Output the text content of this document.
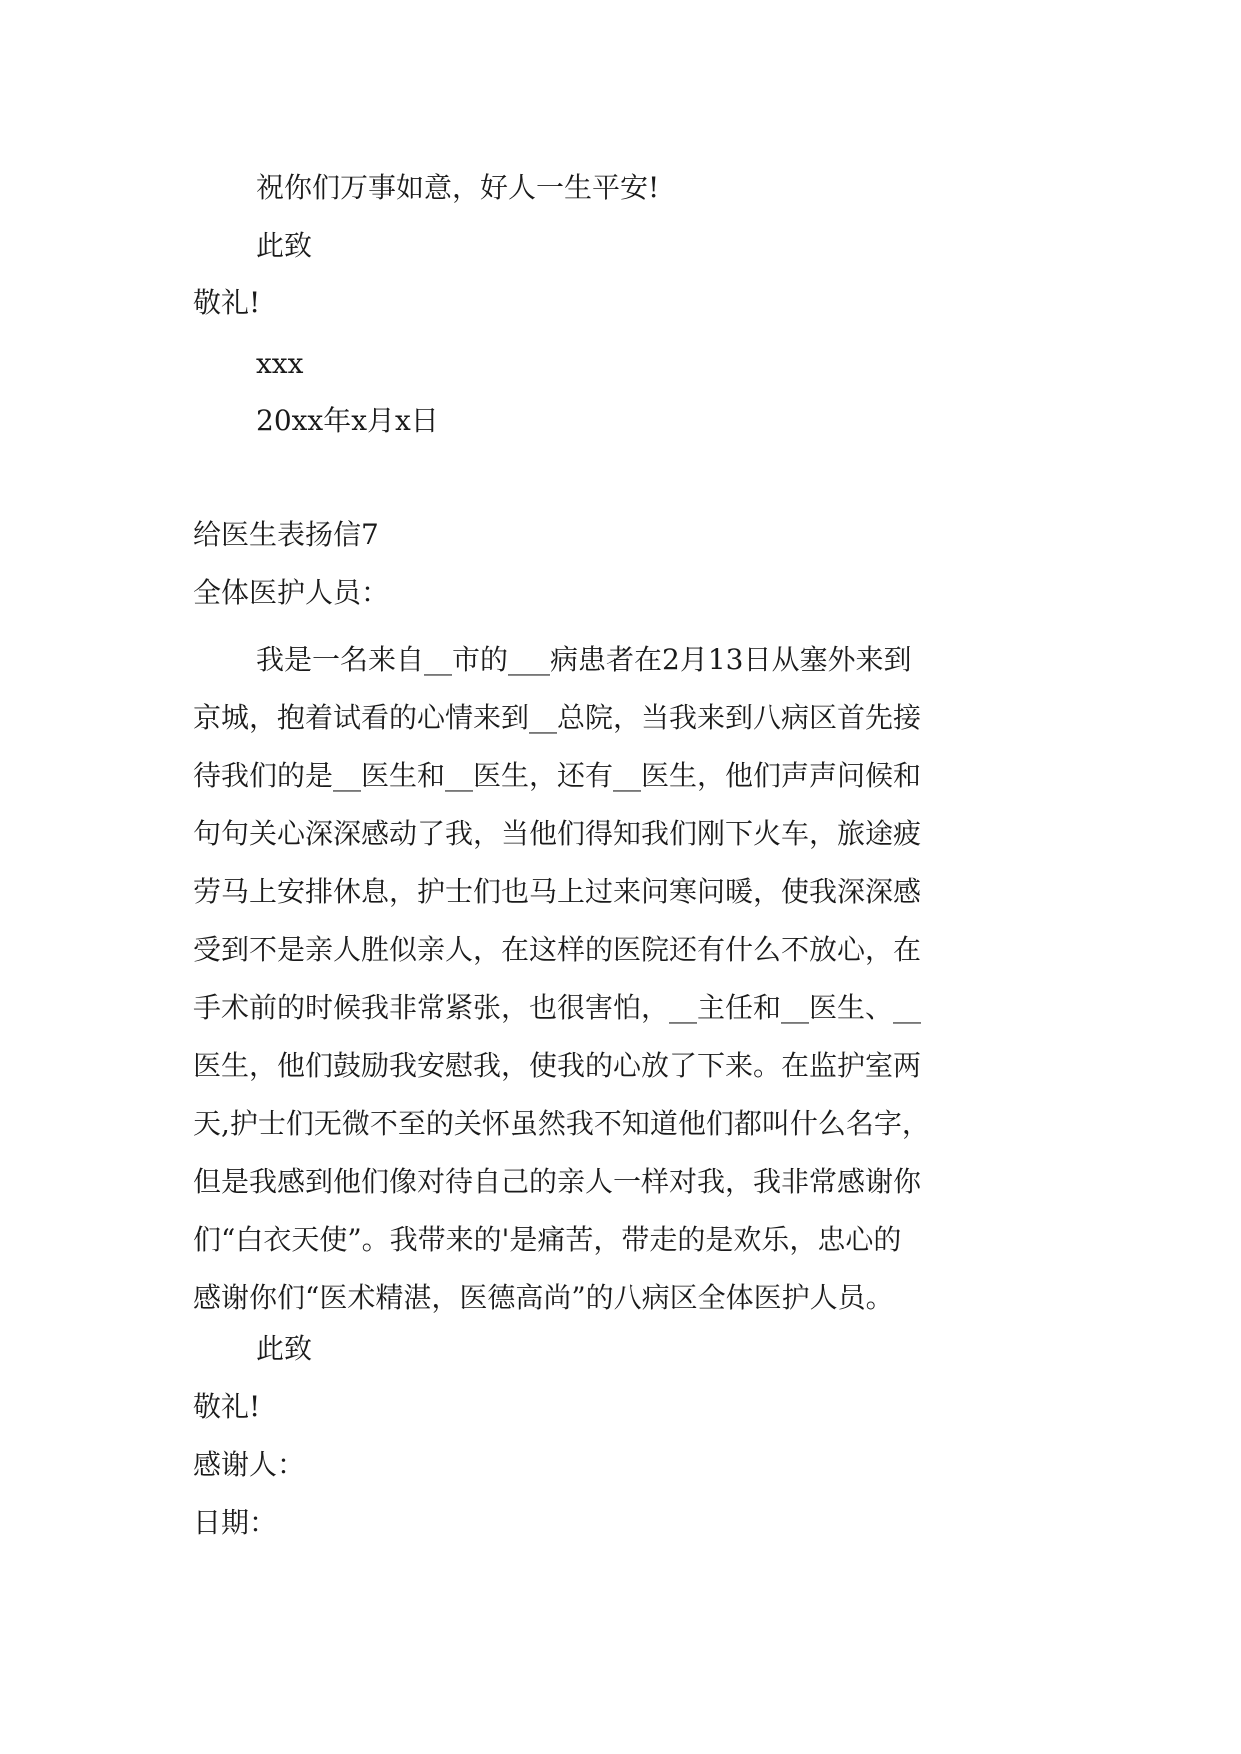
祝你们万事如意，好人一生平安!
此致
敬礼!
xxx
20xx年x月x日
给医生表扬信7
全体医护人员：
我是一名来自__市的___病患者在2月13日从塞外来到
京城，抱着试看的心情来到__总院，当我来到八病区首先接
待我们的是__医生和__医生，还有__医生，他们声声问候和
句句关心深深感动了我，当他们得知我们刚下火车，旅途疲
劳马上安排休息，护士们也马上过来问寒问暖，使我深深感
受到不是亲人胜似亲人，在这样的医院还有什么不放心，在
手术前的时候我非常紧张，也很害怕，__主任和__医生、__
医生，他们鼓励我安慰我，使我的心放了下来。在监护室两
天,护士们无微不至的关怀虽然我不知道他们都叫什么名字，
但是我感到他们像对待自己的亲人一样对我，我非常感谢你
们“白衣天使”。我带来的'是痛苦，带走的是欢乐，忠心的
感谢你们“医术精湛，医德高尚”的八病区全体医护人员。
此致
敬礼!
感谢人：
日期：
